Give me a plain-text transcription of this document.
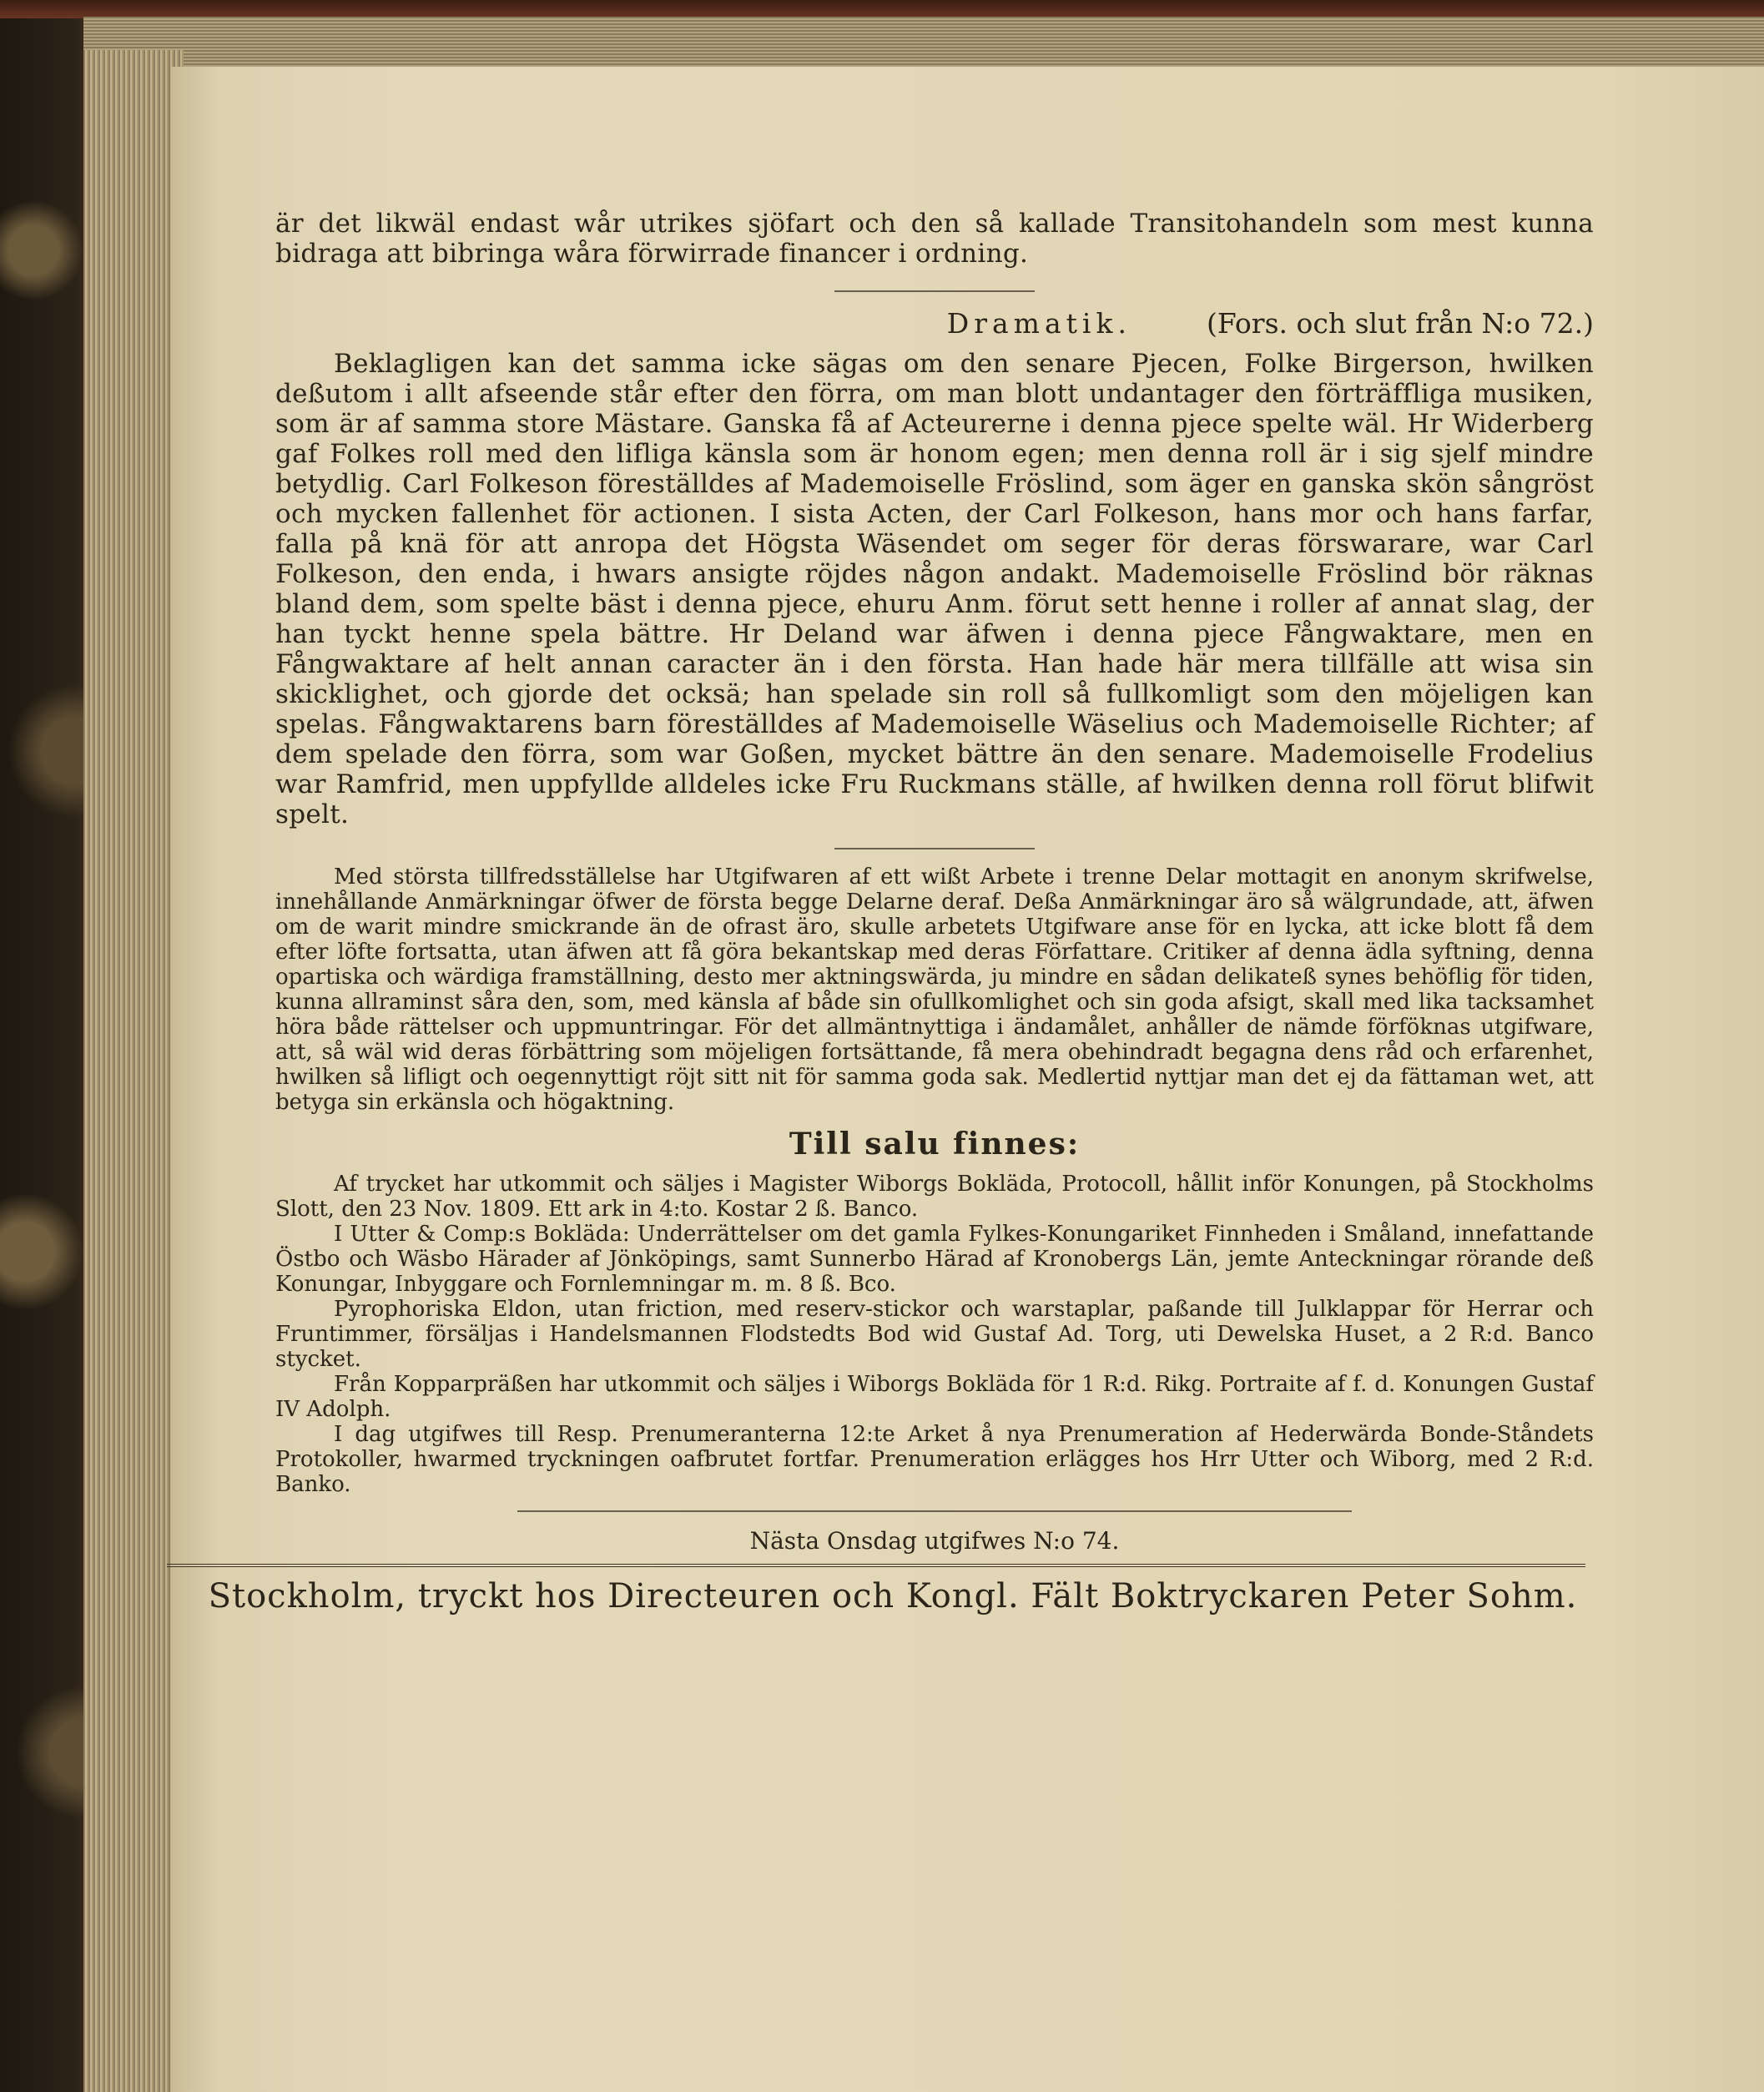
är det likwäl endast wår utrikes sjöfart och den så kallade Transitohandeln som mest kunna bidraga att bibringa wåra förwirrade financer i ordning.

Dramatik.	(Fors. och slut från N:o 72.)

Beklagligen kan det samma icke sägas om den senare Pjecen, Folke Birgerson, hwilken deßutom i allt afseende står efter den förra, om man blott undantager den förträffliga musiken, som är af samma store Mästare. Ganska få af Acteurerne i denna pjece spelte wäl. Hr Widerberg gaf Folkes roll med den lifliga känsla som är honom egen; men denna roll är i sig sjelf mindre betydlig. Carl Folkeson föreställdes af Mademoiselle Fröslind, som äger en ganska skön sångröst och mycken fallenhet för actionen. I sista Acten, der Carl Folkeson, hans mor och hans farfar, falla på knä för att anropa det Högsta Wäsendet om seger för deras förswarare, war Carl Folkeson, den enda, i hwars ansigte röjdes någon andakt. Mademoiselle Fröslind bör räknas bland dem, som spelte bäst i denna pjece, ehuru Anm. förut sett henne i roller af annat slag, der han tyckt henne spela bättre. Hr Deland war äfwen i denna pjece Fångwaktare, men en Fångwaktare af helt annan caracter än i den första. Han hade här mera tillfälle att wisa sin skicklighet, och gjorde det ocksä; han spelade sin roll så fullkomligt som den möjeligen kan spelas. Fångwaktarens barn föreställdes af Mademoiselle Wäselius och Mademoiselle Richter; af dem spelade den förra, som war Goßen, mycket bättre än den senare. Mademoiselle Frodelius war Ramfrid, men uppfyllde alldeles icke Fru Ruckmans ställe, af hwilken denna roll förut blifwit spelt.

Med största tillfredsställelse har Utgifwaren af ett wißt Arbete i trenne Delar mottagit en anonym skrifwelse, innehållande Anmärkningar öfwer de första begge Delarne deraf. Deßa Anmärkningar äro så wälgrundade, att, äfwen om de warit mindre smickrande än de ofrast äro, skulle arbetets Utgifware anse för en lycka, att icke blott få dem efter löfte fortsatta, utan äfwen att få göra bekantskap med deras Författare. Critiker af denna ädla syftning, denna opartiska och wärdiga framställning, desto mer aktningswärda, ju mindre en sådan delikateß synes behöflig för tiden, kunna allraminst såra den, som, med känsla af både sin ofullkomlighet och sin goda afsigt, skall med lika tacksamhet höra både rättelser och uppmuntringar. För det allmäntnyttiga i ändamålet, anhåller de nämde förföknas utgifware, att, så wäl wid deras förbättring som möjeligen fortsättande, få mera obehindradt begagna dens råd och erfarenhet, hwilken så lifligt och oegennyttigt röjt sitt nit för samma goda sak. Medlertid nyttjar man det ej da fättaman wet, att betyga sin erkänsla och högaktning.

Till salu finnes:

Af trycket har utkommit och säljes i Magister Wiborgs Bokläda, Protocoll, hållit inför Konungen, på Stockholms Slott, den 23 Nov. 1809. Ett ark in 4:to. Kostar 2 ß. Banco.

I Utter & Comp:s Bokläda: Underrättelser om det gamla Fylkes-Konungariket Finnheden i Småland, innefattande Östbo och Wäsbo Härader af Jönköpings, samt Sunnerbo Härad af Kronobergs Län, jemte Anteckningar rörande deß Konungar, Inbyggare och Fornlemningar m. m. 8 ß. Bco.

Pyrophoriska Eldon, utan friction, med reserv-stickor och warstaplar, paßande till Julklappar för Herrar och Fruntimmer, försäljas i Handelsmannen Flodstedts Bod wid Gustaf Ad. Torg, uti Dewelska Huset, a 2 R:d. Banco stycket.

Från Kopparpräßen har utkommit och säljes i Wiborgs Bokläda för 1 R:d. Rikg. Portraite af f. d. Konungen Gustaf IV Adolph.

I dag utgifwes till Resp. Prenumeranterna 12:te Arket å nya Prenumeration af Hederwärda Bonde-Ståndets Protokoller, hwarmed tryckningen oafbrutet fortfar. Prenumeration erlägges hos Hrr Utter och Wiborg, med 2 R:d. Banko.

Nästa Onsdag utgifwes N:o 74.
Stockholm, tryckt hos Directeuren och Kongl. Fält Boktryckaren Peter Sohm.
